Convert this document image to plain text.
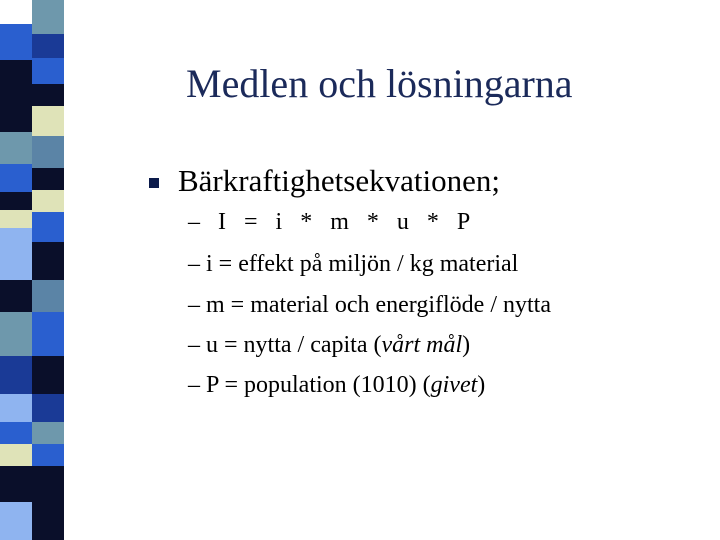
Medlen och lösningarna
Bärkraftighetsekvationen;
– I = i * m * u * P
– i = effekt på miljön / kg material
– m = material och energiflöde / nytta
– u = nytta / capita (vårt mål)
– P = population (1010) (givet)
